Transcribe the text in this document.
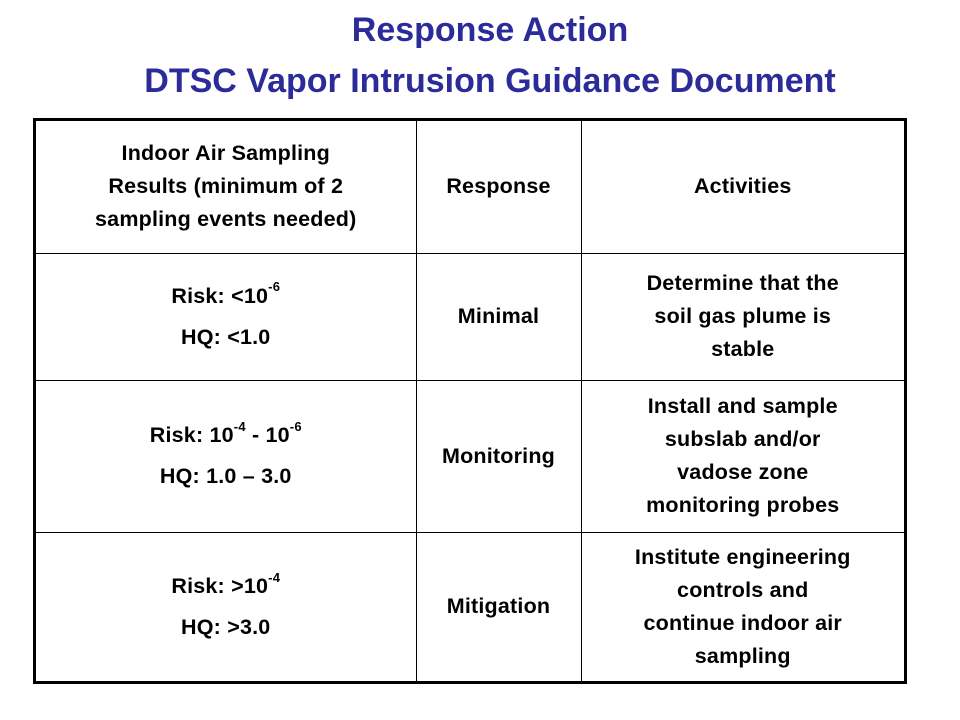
Response Action
DTSC Vapor Intrusion Guidance Document
Indoor Air Sampling
Results (minimum of 2
sampling events needed)	Response	Activities

Risk: $<10^{-6}$
HQ: <1.0	Minimal	Determine that the
soil gas plume is
stable

Risk: $10^{-4} - 10^{-6}$
HQ: 1.0 – 3.0	Monitoring	Install and sample
subslab and/or
vadose zone
monitoring probes

Risk: $>10^{-4}$
HQ: >3.0	Mitigation	Institute engineering
controls and
continue indoor air
sampling
